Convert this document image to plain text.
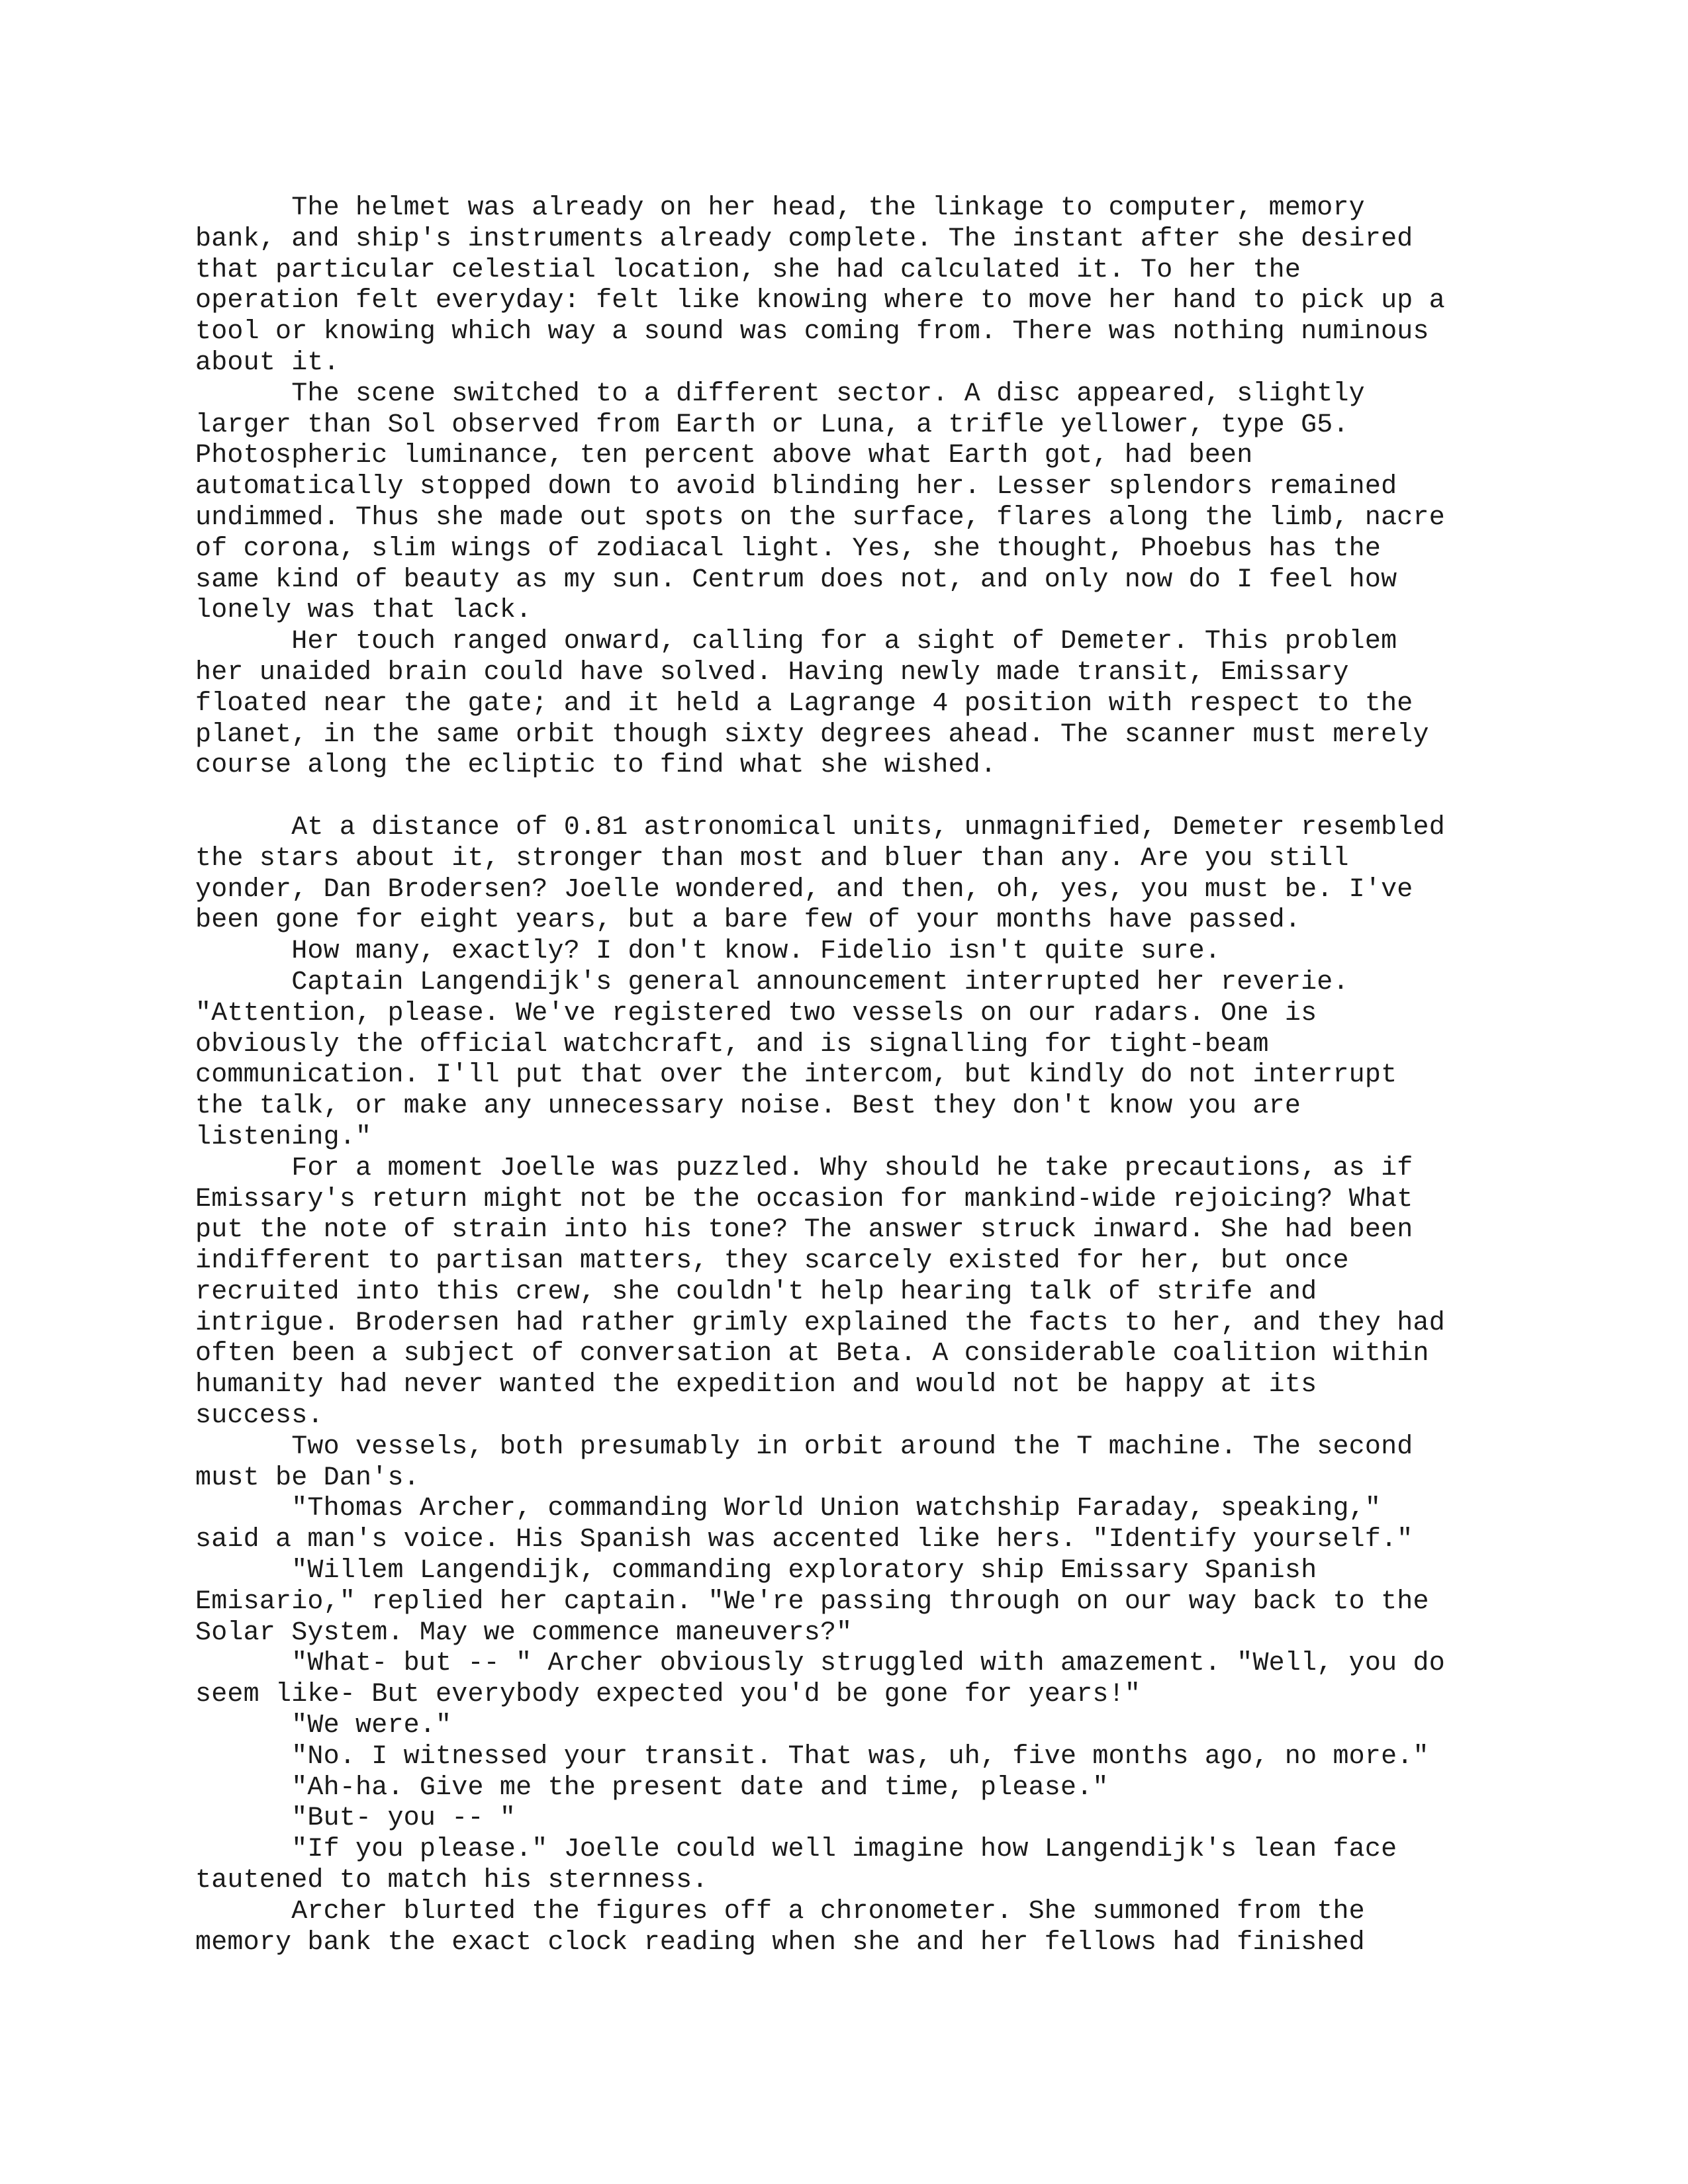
The helmet was already on her head, the linkage to computer, memory
bank, and ship's instruments already complete. The instant after she desired
that particular celestial location, she had calculated it. To her the
operation felt everyday: felt like knowing where to move her hand to pick up a
tool or knowing which way a sound was coming from. There was nothing numinous
about it.
The scene switched to a different sector. A disc appeared, slightly
larger than Sol observed from Earth or Luna, a trifle yellower, type G5.
Photospheric luminance, ten percent above what Earth got, had been
automatically stopped down to avoid blinding her. Lesser splendors remained
undimmed. Thus she made out spots on the surface, flares along the limb, nacre
of corona, slim wings of zodiacal light. Yes, she thought, Phoebus has the
same kind of beauty as my sun. Centrum does not, and only now do I feel how
lonely was that lack.
Her touch ranged onward, calling for a sight of Demeter. This problem
her unaided brain could have solved. Having newly made transit, Emissary
floated near the gate; and it held a Lagrange 4 position with respect to the
planet, in the same orbit though sixty degrees ahead. The scanner must merely
course along the ecliptic to find what she wished.
At a distance of 0.81 astronomical units, unmagnified, Demeter resembled
the stars about it, stronger than most and bluer than any. Are you still
yonder, Dan Brodersen? Joelle wondered, and then, oh, yes, you must be. I've
been gone for eight years, but a bare few of your months have passed.
How many, exactly? I don't know. Fidelio isn't quite sure.
Captain Langendijk's general announcement interrupted her reverie.
"Attention, please. We've registered two vessels on our radars. One is
obviously the official watchcraft, and is signalling for tight-beam
communication. I'll put that over the intercom, but kindly do not interrupt
the talk, or make any unnecessary noise. Best they don't know you are
listening."
For a moment Joelle was puzzled. Why should he take precautions, as if
Emissary's return might not be the occasion for mankind-wide rejoicing? What
put the note of strain into his tone? The answer struck inward. She had been
indifferent to partisan matters, they scarcely existed for her, but once
recruited into this crew, she couldn't help hearing talk of strife and
intrigue. Brodersen had rather grimly explained the facts to her, and they had
often been a subject of conversation at Beta. A considerable coalition within
humanity had never wanted the expedition and would not be happy at its
success.
Two vessels, both presumably in orbit around the T machine. The second
must be Dan's.
"Thomas Archer, commanding World Union watchship Faraday, speaking,"
said a man's voice. His Spanish was accented like hers. "Identify yourself."
"Willem Langendijk, commanding exploratory ship Emissary Spanish
Emisario," replied her captain. "We're passing through on our way back to the
Solar System. May we commence maneuvers?"
"What- but -- " Archer obviously struggled with amazement. "Well, you do
seem like- But everybody expected you'd be gone for years!"
"We were."
"No. I witnessed your transit. That was, uh, five months ago, no more."
"Ah-ha. Give me the present date and time, please."
"But- you -- "
"If you please." Joelle could well imagine how Langendijk's lean face
tautened to match his sternness.
Archer blurted the figures off a chronometer. She summoned from the
memory bank the exact clock reading when she and her fellows had finished
